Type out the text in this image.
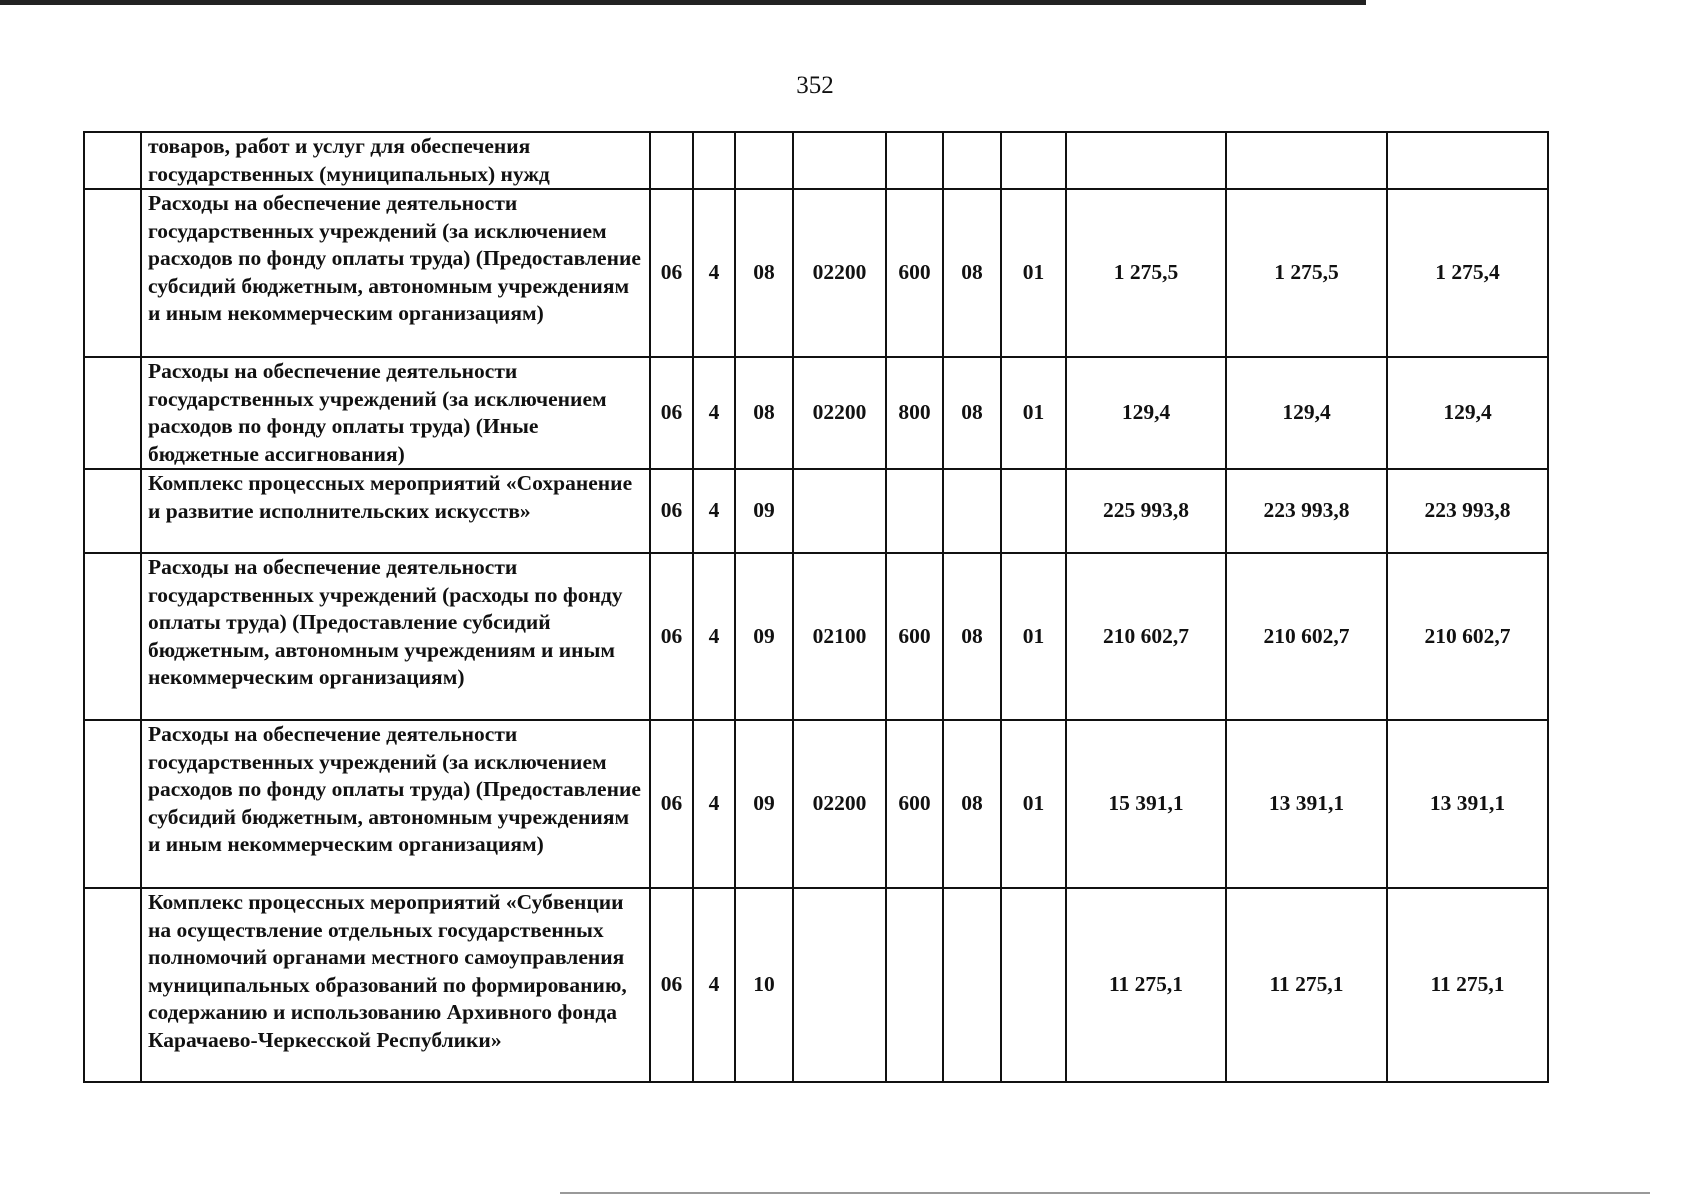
352
	товаров, работ и услуг для обеспечения государственных (муниципальных) нужд										
	Расходы на обеспечение деятельности государственных учреждений (за исключением расходов по фонду оплаты труда) (Предоставление субсидий бюджетным, автономным учреждениям и иным некоммерческим организациям)	06	4	08	02200	600	08	01	1 275,5	1 275,5	1 275,4
	Расходы на обеспечение деятельности государственных учреждений (за исключением расходов по фонду оплаты труда) (Иные бюджетные ассигнования)	06	4	08	02200	800	08	01	129,4	129,4	129,4
	Комплекс процессных мероприятий «Сохранение и развитие исполнительских искусств»	06	4	09					225 993,8	223 993,8	223 993,8
	Расходы на обеспечение деятельности государственных учреждений (расходы по фонду оплаты труда) (Предоставление субсидий бюджетным, автономным учреждениям и иным некоммерческим организациям)	06	4	09	02100	600	08	01	210 602,7	210 602,7	210 602,7
	Расходы на обеспечение деятельности государственных учреждений (за исключением расходов по фонду оплаты труда) (Предоставление субсидий бюджетным, автономным учреждениям и иным некоммерческим организациям)	06	4	09	02200	600	08	01	15 391,1	13 391,1	13 391,1
	Комплекс процессных мероприятий «Субвенции на осуществление отдельных государственных полномочий органами местного самоуправления муниципальных образований по формированию, содержанию и использованию Архивного фонда Карачаево-Черкесской Республики»	06	4	10					11 275,1	11 275,1	11 275,1
